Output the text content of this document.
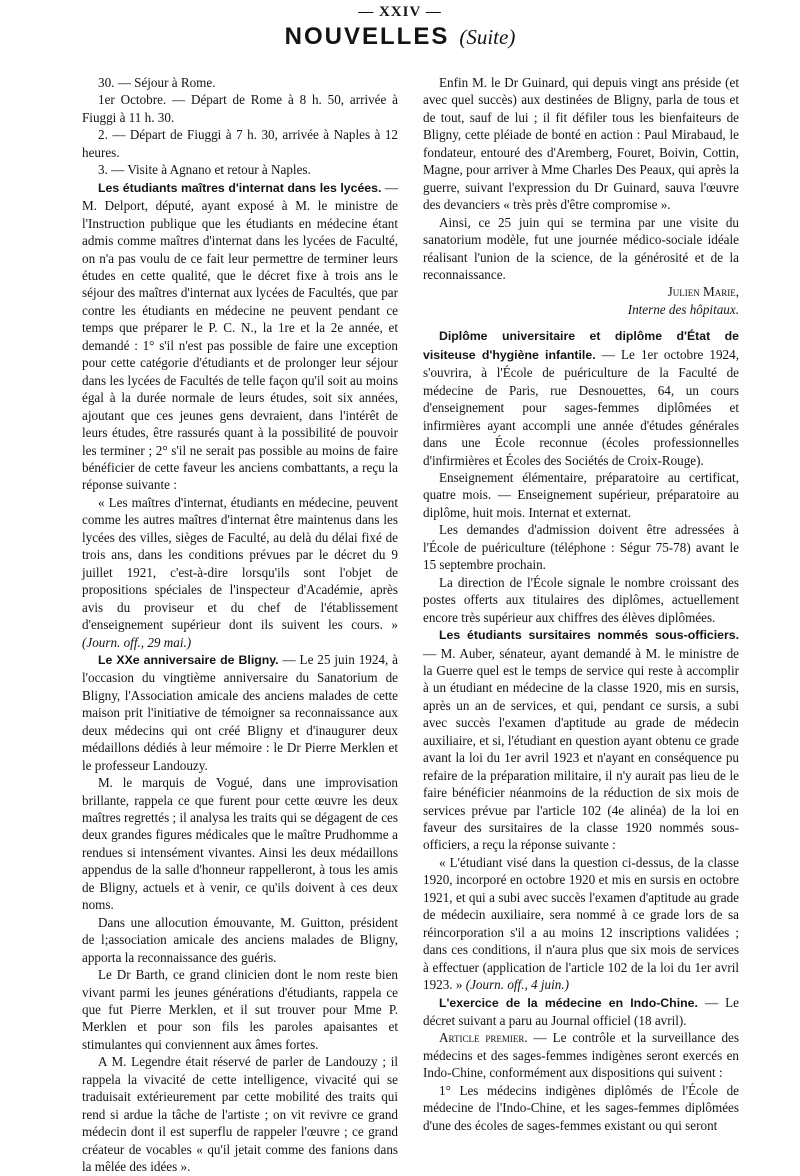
— XXIV —
NOUVELLES (Suite)

30. — Séjour à Rome.

1er Octobre. — Départ de Rome à 8 h. 50, arrivée à Fiuggi à 11 h. 30.

2. — Départ de Fiuggi à 7 h. 30, arrivée à Naples à 12 heures.

3. — Visite à Agnano et retour à Naples.

Les étudiants maîtres d'internat dans les lycées. — M. Delport, député, ayant exposé à M. le ministre de l'Instruction publique que les étudiants en médecine étant admis comme maîtres d'internat dans les lycées de Faculté, on n'a pas voulu de ce fait leur permettre de terminer leurs études en cette qualité, que le décret fixe à trois ans le séjour des maîtres d'internat aux lycées de Facultés, que par contre les étudiants en médecine ne peuvent pendant ce temps que préparer le P. C. N., la 1re et la 2e année, et demandé : 1° s'il n'est pas possible de faire une exception pour cette catégorie d'étudiants et de prolonger leur séjour dans les lycées de Facultés de telle façon qu'il soit au moins égal à la durée normale de leurs études, soit six années, ajoutant que ces jeunes gens devraient, dans l'intérêt de leurs études, être rassurés quant à la possibilité de pouvoir les terminer ; 2° s'il ne serait pas possible au moins de faire bénéficier de cette faveur les anciens combattants, a reçu la réponse suivante :

« Les maîtres d'internat, étudiants en médecine, peuvent comme les autres maîtres d'internat être maintenus dans les lycées des villes, sièges de Faculté, au delà du délai fixé de trois ans, dans les conditions prévues par le décret du 9 juillet 1921, c'est-à-dire lorsqu'ils sont l'objet de propositions spéciales de l'inspecteur d'Académie, après avis du proviseur et du chef de l'établissement d'enseignement supérieur dont ils suivent les cours. » (Journ. off., 29 mai.)

Le XXe anniversaire de Bligny. — Le 25 juin 1924, à l'occasion du vingtième anniversaire du Sanatorium de Bligny, l'Association amicale des anciens malades de cette maison prit l'initiative de témoigner sa reconnaissance aux deux médecins qui ont créé Bligny et d'inaugurer deux médaillons dédiés à leur mémoire : le Dr Pierre Merklen et le professeur Landouzy.

M. le marquis de Vogué, dans une improvisation brillante, rappela ce que furent pour cette œuvre les deux maîtres regrettés ; il analysa les traits qui se dégagent de ces deux grandes figures médicales que le maître Prudhomme a rendues si intensément vivantes. Ainsi les deux médaillons appendus de la salle d'honneur rappelleront, à tous les amis de Bligny, actuels et à venir, ce qu'ils doivent à ces deux noms.

Dans une allocution émouvante, M. Guitton, président de l;association amicale des anciens malades de Bligny, apporta la reconnaissance des guéris.

Le Dr Barth, ce grand clinicien dont le nom reste bien vivant parmi les jeunes générations d'étudiants, rappela ce que fut Pierre Merklen, et il sut trouver pour Mme P. Merklen et pour son fils les paroles apaisantes et stimulantes qui conviennent aux âmes fortes.

A M. Legendre était réservé de parler de Landouzy ; il rappela la vivacité de cette intelligence, vivacité qui se traduisait extérieurement par cette mobilité des traits qui rend si ardue la tâche de l'artiste ; on vit revivre ce grand médecin dont il est superflu de rappeler l'œuvre ; ce grand créateur de vocables « qu'il jetait comme des fanions dans la mêlée des idées ».

Enfin M. le Dr Guinard, qui depuis vingt ans préside (et avec quel succès) aux destinées de Bligny, parla de tous et de tout, sauf de lui ; il fit défiler tous les bienfaiteurs de Bligny, cette pléiade de bonté en action : Paul Mirabaud, le fondateur, entouré des d'Aremberg, Fouret, Boivin, Cottin, Magne, pour arriver à Mme Charles Des Peaux, qui après la guerre, suivant l'expression du Dr Guinard, sauva l'œuvre des devanciers « très près d'être compromise ».

Ainsi, ce 25 juin qui se termina par une visite du sanatorium modèle, fut une journée médico-sociale idéale réalisant l'union de la science, de la générosité et de la reconnaissance.

Julien Marie,
Interne des hôpitaux.

Diplôme universitaire et diplôme d'État de visiteuse d'hygiène infantile. — Le 1er octobre 1924, s'ouvrira, à l'École de puériculture de la Faculté de médecine de Paris, rue Desnouettes, 64, un cours d'enseignement pour sages-femmes diplômées et infirmières ayant accompli une année d'études générales dans une École reconnue (écoles professionnelles d'infirmières et Écoles des Sociétés de Croix-Rouge).

Enseignement élémentaire, préparatoire au certificat, quatre mois. — Enseignement supérieur, préparatoire au diplôme, huit mois. Internat et externat.

Les demandes d'admission doivent être adressées à l'École de puériculture (téléphone : Ségur 75-78) avant le 15 septembre prochain.

La direction de l'École signale le nombre croissant des postes offerts aux titulaires des diplômes, actuellement encore très supérieur aux chiffres des élèves diplômées.

Les étudiants sursitaires nommés sous-officiers. — M. Auber, sénateur, ayant demandé à M. le ministre de la Guerre quel est le temps de service qui reste à accomplir à un étudiant en médecine de la classe 1920, mis en sursis, après un an de services, et qui, pendant ce sursis, a subi avec succès l'examen d'aptitude au grade de médecin auxiliaire, et si, l'étudiant en question ayant obtenu ce grade avant la loi du 1er avril 1923 et n'ayant en conséquence pu refaire de la préparation militaire, il n'y aurait pas lieu de le faire bénéficier néanmoins de la réduction de six mois de services prévue par l'article 102 (4e alinéa) de la loi en faveur des sursitaires de la classe 1920 nommés sous-officiers, a reçu la réponse suivante :

« L'étudiant visé dans la question ci-dessus, de la classe 1920, incorporé en octobre 1920 et mis en sursis en octobre 1921, et qui a subi avec succès l'examen d'aptitude au grade de médecin auxiliaire, sera nommé à ce grade lors de sa réincorporation s'il a au moins 12 inscriptions validées ; dans ces conditions, il n'aura plus que six mois de services à effectuer (application de l'article 102 de la loi du 1er avril 1923. » (Journ. off., 4 juin.)

L'exercice de la médecine en Indo-Chine. — Le décret suivant a paru au Journal officiel (18 avril).

Article premier. — Le contrôle et la surveillance des médecins et des sages-femmes indigènes seront exercés en Indo-Chine, conformément aux dispositions qui suivent :

1° Les médecins indigènes diplômés de l'École de médecine de l'Indo-Chine, et les sages-femmes diplômées d'une des écoles de sages-femmes existant ou qui seront
